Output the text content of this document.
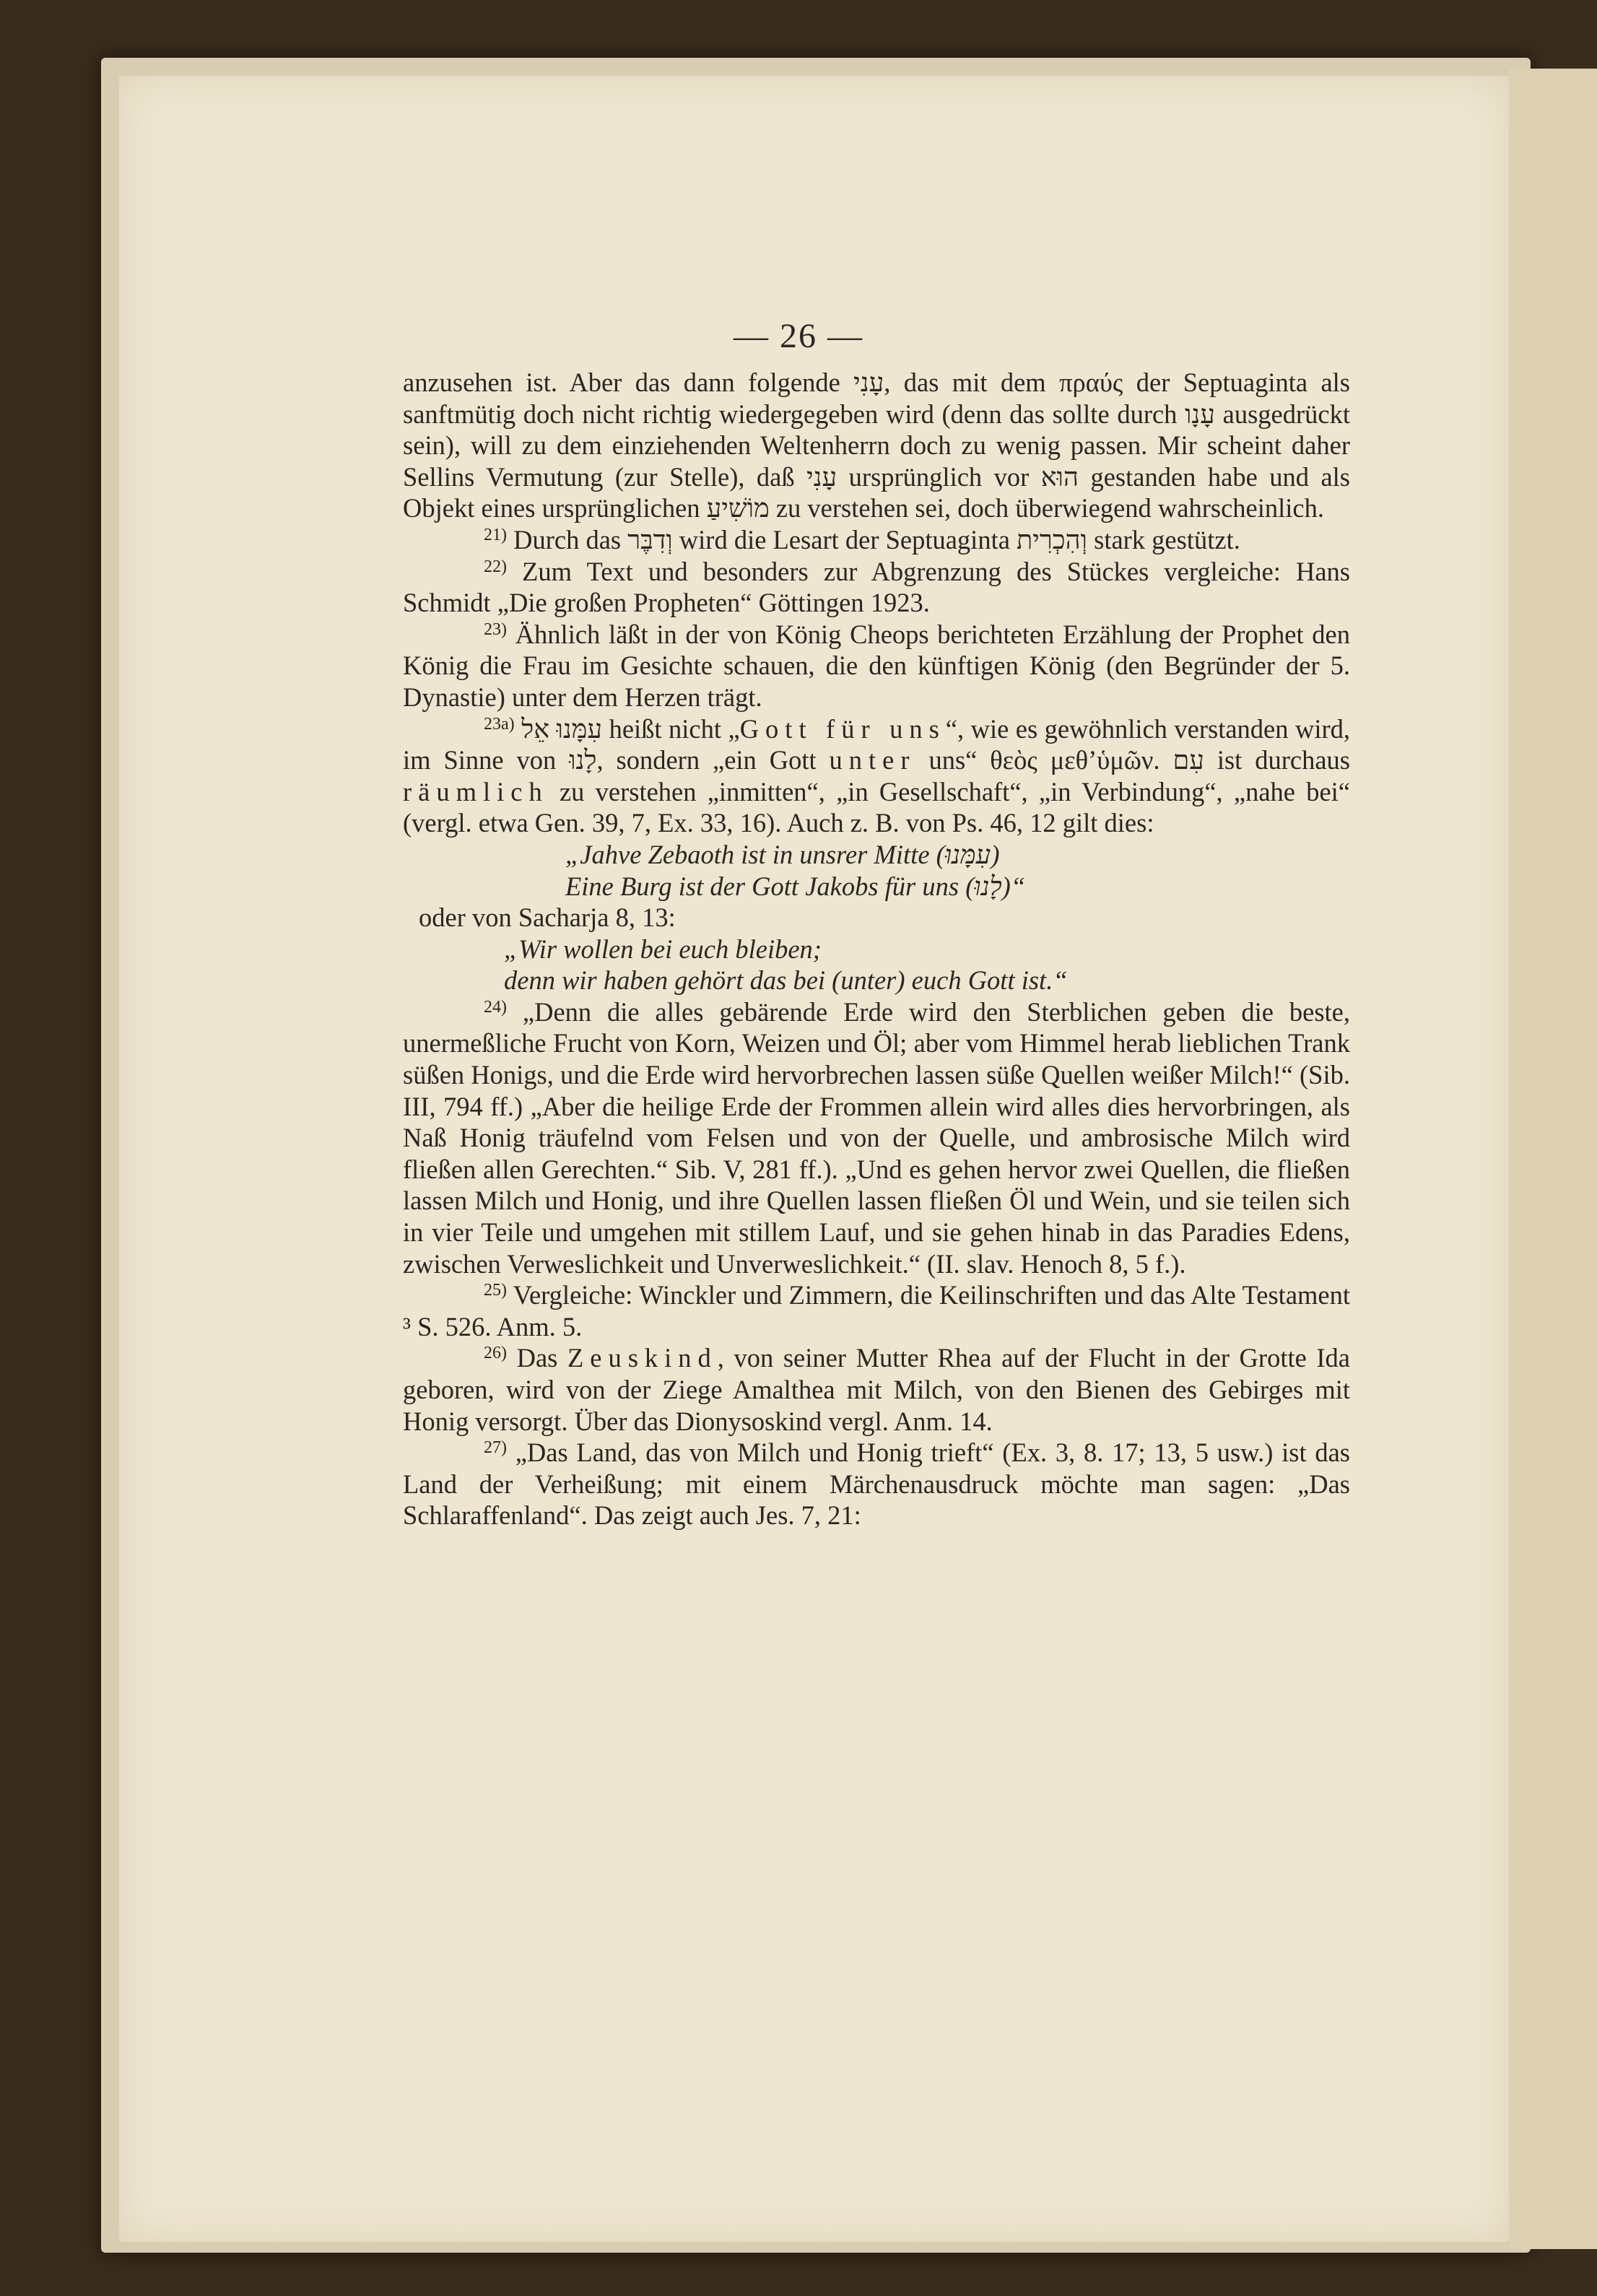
— 26 —

anzusehen ist. Aber das dann folgende עָנִי, das mit dem πραύς der Septuaginta als sanftmütig doch nicht richtig wiedergegeben wird (denn das sollte durch עָנָו ausgedrückt sein), will zu dem einziehenden Weltenherrn doch zu wenig passen. Mir scheint daher Sellins Vermutung (zur Stelle), daß עָנִי ursprünglich vor הוּא gestanden habe und als Objekt eines ursprünglichen מוֹשִׁיעַ zu verstehen sei, doch überwiegend wahrscheinlich.

$^{21)}$ Durch das וְדִבֶּר wird die Lesart der Septuaginta וְהִכְרִית stark gestützt.

$^{22)}$ Zum Text und besonders zur Abgrenzung des Stückes vergleiche: Hans Schmidt „Die großen Propheten“ Göttingen 1923.

$^{23)}$ Ähnlich läßt in der von König Cheops berichteten Erzählung der Prophet den König die Frau im Gesichte schauen, die den künftigen König (den Begründer der 5. Dynastie) unter dem Herzen trägt.

$^{23a)}$ עִמָּנוּ אֵל heißt nicht „Gott für uns“, wie es gewöhnlich verstanden wird, im Sinne von לָנוּ, sondern „ein Gott unter uns“ θεὸς μεθ’ὑμῶν. עִם ist durchaus räumlich zu verstehen „inmitten“, „in Gesellschaft“, „in Verbindung“, „nahe bei“ (vergl. etwa Gen. 39, 7, Ex. 33, 16). Auch z. B. von Ps. 46, 12 gilt dies:

„Jahve Zebaoth ist in unsrer Mitte (עִמָּנוּ)
Eine Burg ist der Gott Jakobs für uns (לָנוּ)“

oder von Sacharja 8, 13:

„Wir wollen bei euch bleiben;
denn wir haben gehört das bei (unter) euch Gott ist.“

$^{24)}$ „Denn die alles gebärende Erde wird den Sterblichen geben die beste, unermeßliche Frucht von Korn, Weizen und Öl; aber vom Himmel herab lieblichen Trank süßen Honigs, und die Erde wird hervorbrechen lassen süße Quellen weißer Milch!“ (Sib. III, 794 ff.) „Aber die heilige Erde der Frommen allein wird alles dies hervorbringen, als Naß Honig träufelnd vom Felsen und von der Quelle, und ambrosische Milch wird fließen allen Gerechten.“ Sib. V, 281 ff.). „Und es gehen hervor zwei Quellen, die fließen lassen Milch und Honig, und ihre Quellen lassen fließen Öl und Wein, und sie teilen sich in vier Teile und umgehen mit stillem Lauf, und sie gehen hinab in das Paradies Edens, zwischen Verweslichkeit und Unverweslichkeit.“ (II. slav. Henoch 8, 5 f.).

$^{25)}$ Vergleiche: Winckler und Zimmern, die Keilinschriften und das Alte Testament ³ S. 526. Anm. 5.

$^{26)}$ Das Zeuskind, von seiner Mutter Rhea auf der Flucht in der Grotte Ida geboren, wird von der Ziege Amalthea mit Milch, von den Bienen des Gebirges mit Honig versorgt. Über das Dionysoskind vergl. Anm. 14.

$^{27)}$ „Das Land, das von Milch und Honig trieft“ (Ex. 3, 8. 17; 13, 5 usw.) ist das Land der Verheißung; mit einem Märchenausdruck möchte man sagen: „Das Schlaraffenland“. Das zeigt auch Jes. 7, 21:
